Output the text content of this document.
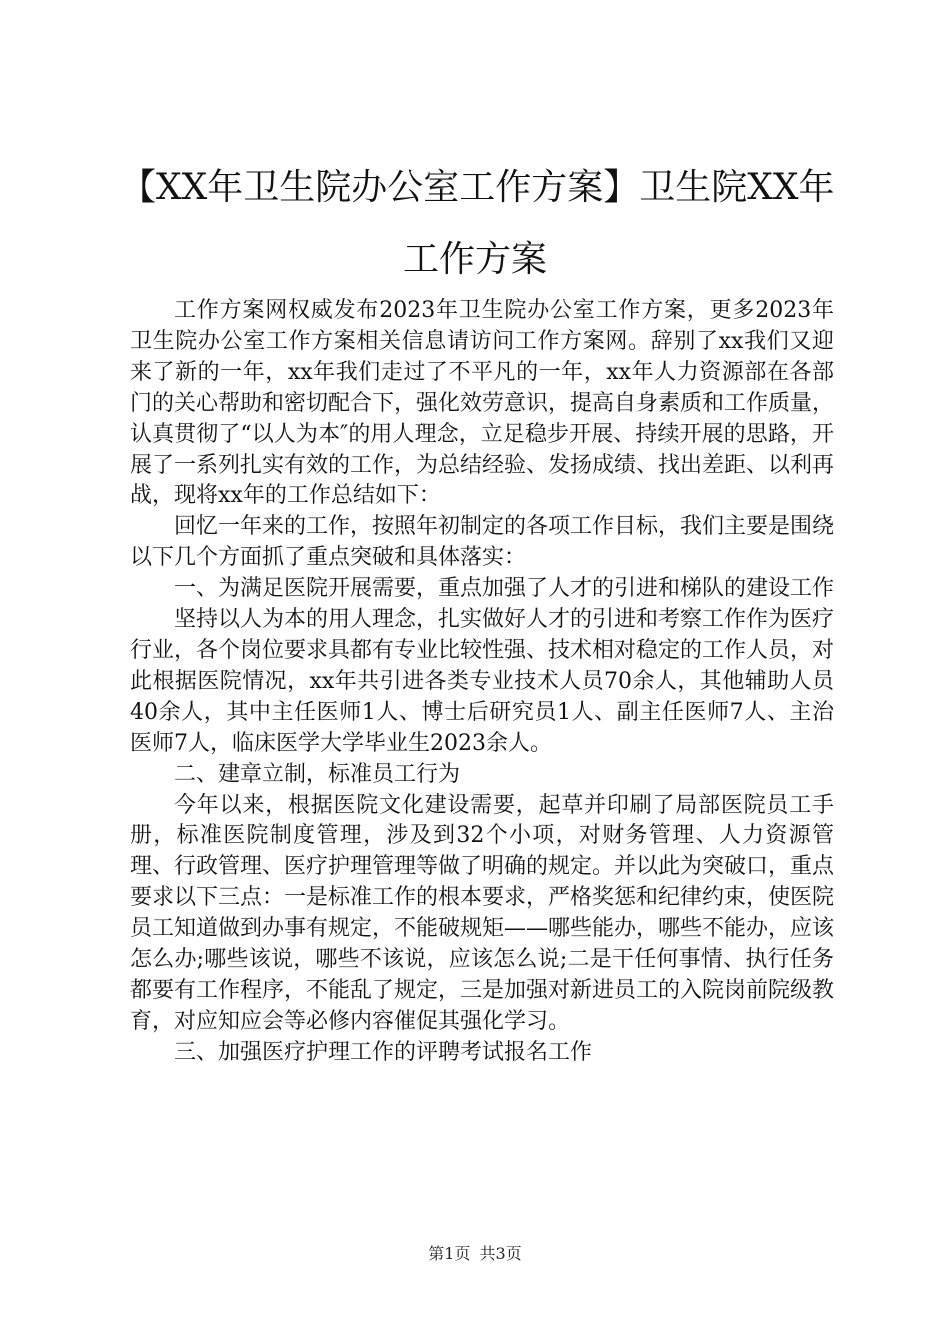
【XX年卫生院办公室工作方案】卫生院XX年
工作方案

工作方案网权威发布2023年卫生院办公室工作方案，更多2023年卫生院办公室工作方案相关信息请访问工作方案网。辞别了xx我们又迎来了新的一年，xx年我们走过了不平凡的一年，xx年人力资源部在各部门的关心帮助和密切配合下，强化效劳意识，提高自身素质和工作质量，认真贯彻了“以人为本″的用人理念，立足稳步开展、持续开展的思路，开展了一系列扎实有效的工作，为总结经验、发扬成绩、找出差距、以利再战，现将xx年的工作总结如下：

回忆一年来的工作，按照年初制定的各项工作目标，我们主要是围绕以下几个方面抓了重点突破和具体落实：

一、为满足医院开展需要，重点加强了人才的引进和梯队的建设工作

坚持以人为本的用人理念，扎实做好人才的引进和考察工作作为医疗行业，各个岗位要求具都有专业比较性强、技术相对稳定的工作人员，对此根据医院情况，xx年共引进各类专业技术人员70余人，其他辅助人员40余人，其中主任医师1人、博士后研究员1人、副主任医师7人、主治医师7人，临床医学大学毕业生2023余人。

二、建章立制，标准员工行为

今年以来，根据医院文化建设需要，起草并印刷了局部医院员工手册，标准医院制度管理，涉及到32个小项，对财务管理、人力资源管理、行政管理、医疗护理管理等做了明确的规定。并以此为突破口，重点要求以下三点：一是标准工作的根本要求，严格奖惩和纪律约束，使医院员工知道做到办事有规定，不能破规矩——哪些能办，哪些不能办，应该怎么办;哪些该说，哪些不该说，应该怎么说;二是干任何事情、执行任务都要有工作程序，不能乱了规定，三是加强对新进员工的入院岗前院级教育，对应知应会等必修内容催促其强化学习。

三、加强医疗护理工作的评聘考试报名工作

第1页 共3页
